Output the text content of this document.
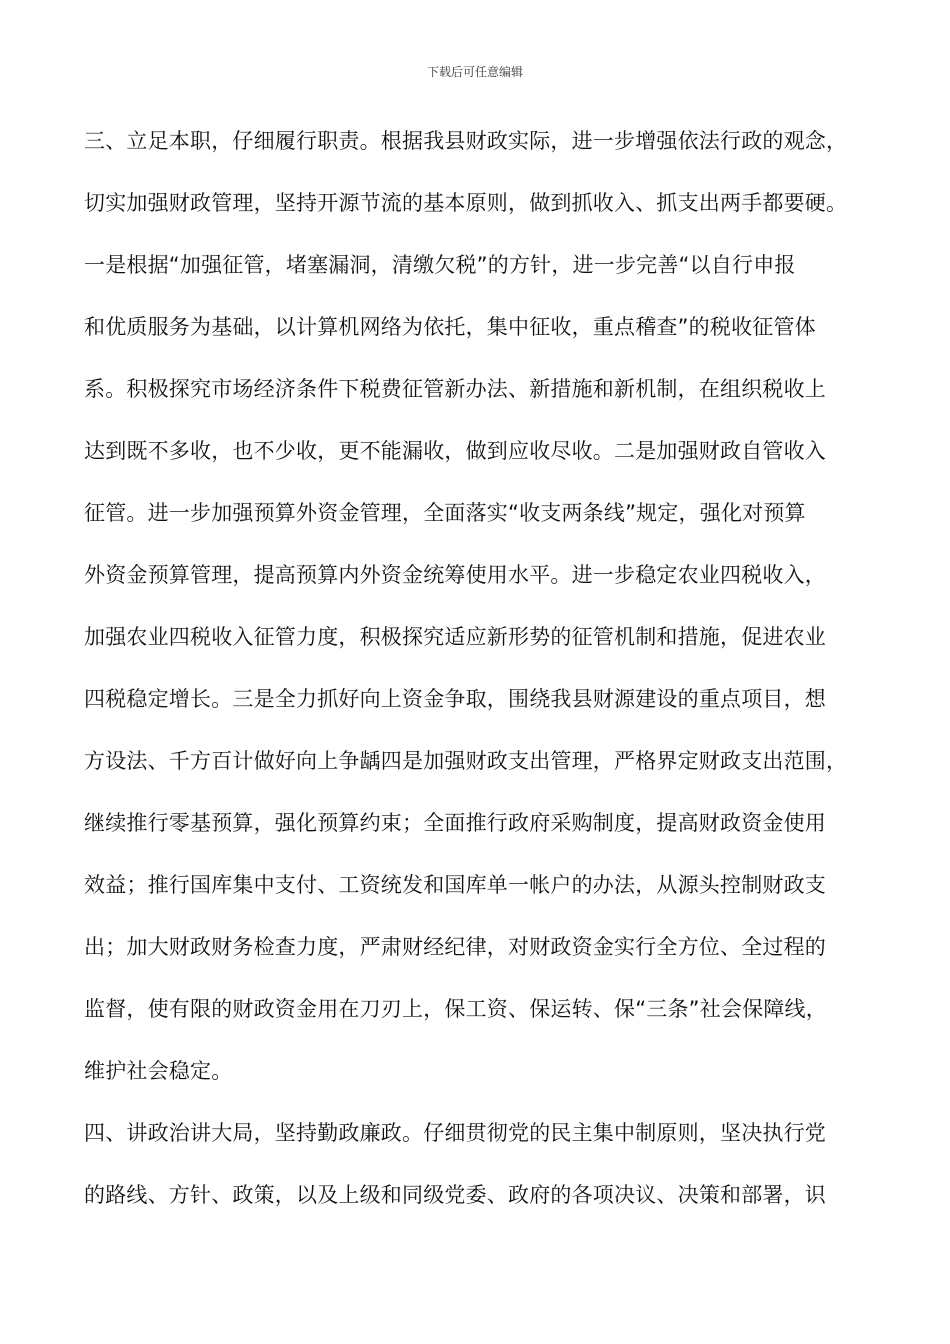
下载后可任意编辑
三、立足本职，仔细履行职责。根据我县财政实际，进一步增强依法行政的观念，
切实加强财政管理，坚持开源节流的基本原则，做到抓收入、抓支出两手都要硬。
一是根据“加强征管，堵塞漏洞，清缴欠税”的方针，进一步完善“以自行申报
和优质服务为基础，以计算机网络为依托，集中征收，重点稽查”的税收征管体
系。积极探究市场经济条件下税费征管新办法、新措施和新机制，在组织税收上
达到既不多收，也不少收，更不能漏收，做到应收尽收。二是加强财政自管收入
征管。进一步加强预算外资金管理，全面落实“收支两条线”规定，强化对预算
外资金预算管理，提高预算内外资金统筹使用水平。进一步稳定农业四税收入，
加强农业四税收入征管力度，积极探究适应新形势的征管机制和措施，促进农业
四税稳定增长。三是全力抓好向上资金争取，围绕我县财源建设的重点项目，想
方设法、千方百计做好向上争龋四是加强财政支出管理，严格界定财政支出范围，
继续推行零基预算，强化预算约束；全面推行政府采购制度，提高财政资金使用
效益；推行国库集中支付、工资统发和国库单一帐户的办法，从源头控制财政支
出；加大财政财务检查力度，严肃财经纪律，对财政资金实行全方位、全过程的
监督，使有限的财政资金用在刀刃上，保工资、保运转、保“三条”社会保障线，
维护社会稳定。
四、讲政治讲大局，坚持勤政廉政。仔细贯彻党的民主集中制原则，坚决执行党
的路线、方针、政策，以及上级和同级党委、政府的各项决议、决策和部署，识
